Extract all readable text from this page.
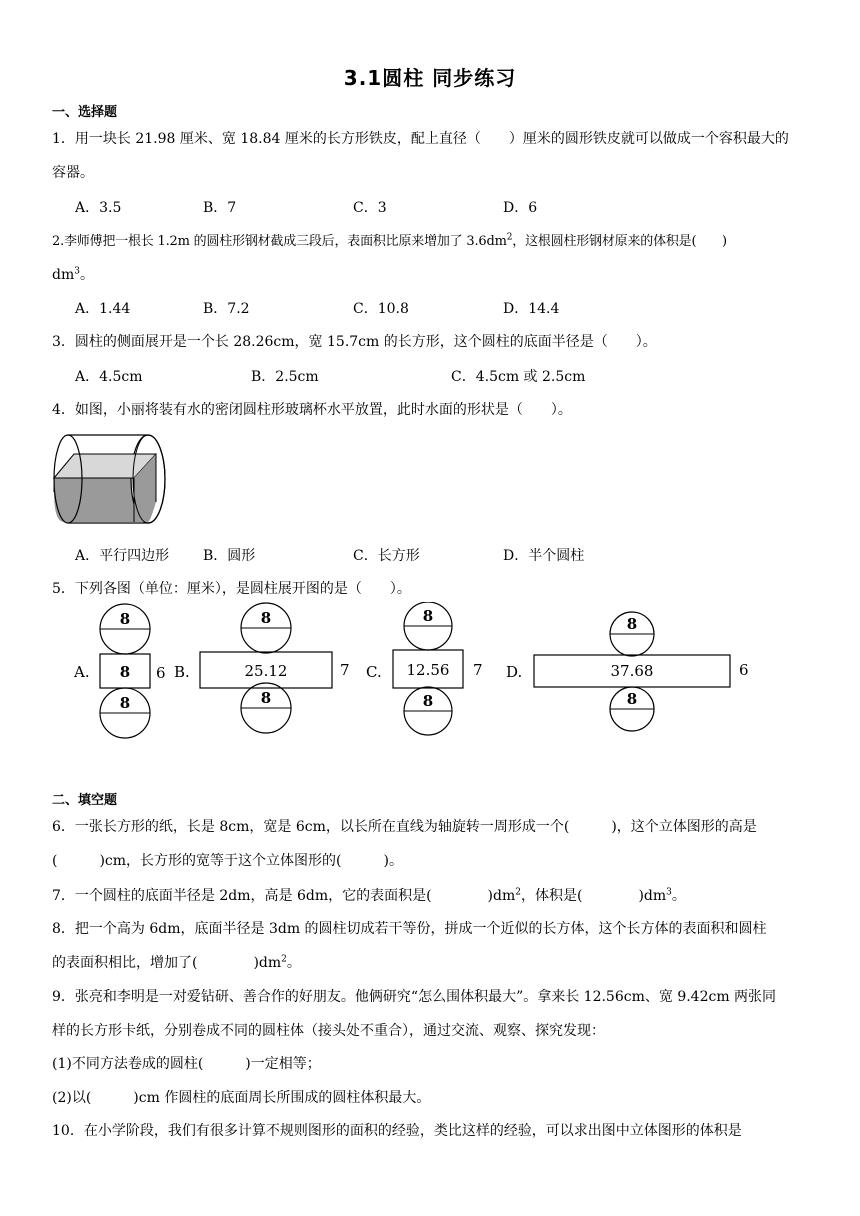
3.1圆柱 同步练习
一、选择题
1．用一块长 21.98 厘米、宽 18.84 厘米的长方形铁皮，配上直径（　　）厘米的圆形铁皮就可以做成一个容积最大的
容器。
A．3.5	B．7	C．3	D．6
2.李师傅把一根长 1.2m 的圆柱形钢材截成三段后，表面积比原来增加了 $3.6dm^2$，这根圆柱形钢材原来的体积是(　　)
$dm^3$。
A．1.44	B．7.2	C．10.8	D．14.4
3．圆柱的侧面展开是一个长 28.26cm，宽 15.7cm 的长方形，这个圆柱的底面半径是（　　）。
A．4.5cm	B．2.5cm	C．4.5cm 或 2.5cm
4．如图，小丽将装有水的密闭圆柱形玻璃杯水平放置，此时水面的形状是（　　）。
A．平行四边形 B．圆形	C．长方形	D．半个圆柱
5．下列各图（单位：厘米），是圆柱展开图的是（　　）。
A.
8
8 6
8
B.
8
25.12	7
8
C.
8
12.56 7
8
D.
8
37.68	6
8
二、填空题
6．一张长方形的纸，长是 8cm，宽是 6cm，以长所在直线为轴旋转一周形成一个(　　　)，这个立体图形的高是
(　　　)cm，长方形的宽等于这个立体图形的(　　　)。
7．一个圆柱的底面半径是 2dm，高是 6dm，它的表面积是(　　　　)$dm^2$，体积是(　　　　)$dm^3$。
8．把一个高为 6dm，底面半径是 3dm 的圆柱切成若干等份，拼成一个近似的长方体，这个长方体的表面积和圆柱
的表面积相比，增加了(　　　　)$dm^2$。
9．张亮和李明是一对爱钻研、善合作的好朋友。他俩研究“怎么围体积最大”。拿来长 12.56cm、宽 9.42cm 两张同
样的长方形卡纸，分别卷成不同的圆柱体（接头处不重合），通过交流、观察、探究发现：
(1)不同方法卷成的圆柱(　　　)一定相等；
(2)以(　　　)cm 作圆柱的底面周长所围成的圆柱体积最大。
10．在小学阶段，我们有很多计算不规则图形的面积的经验，类比这样的经验，可以求出图中立体图形的体积是
